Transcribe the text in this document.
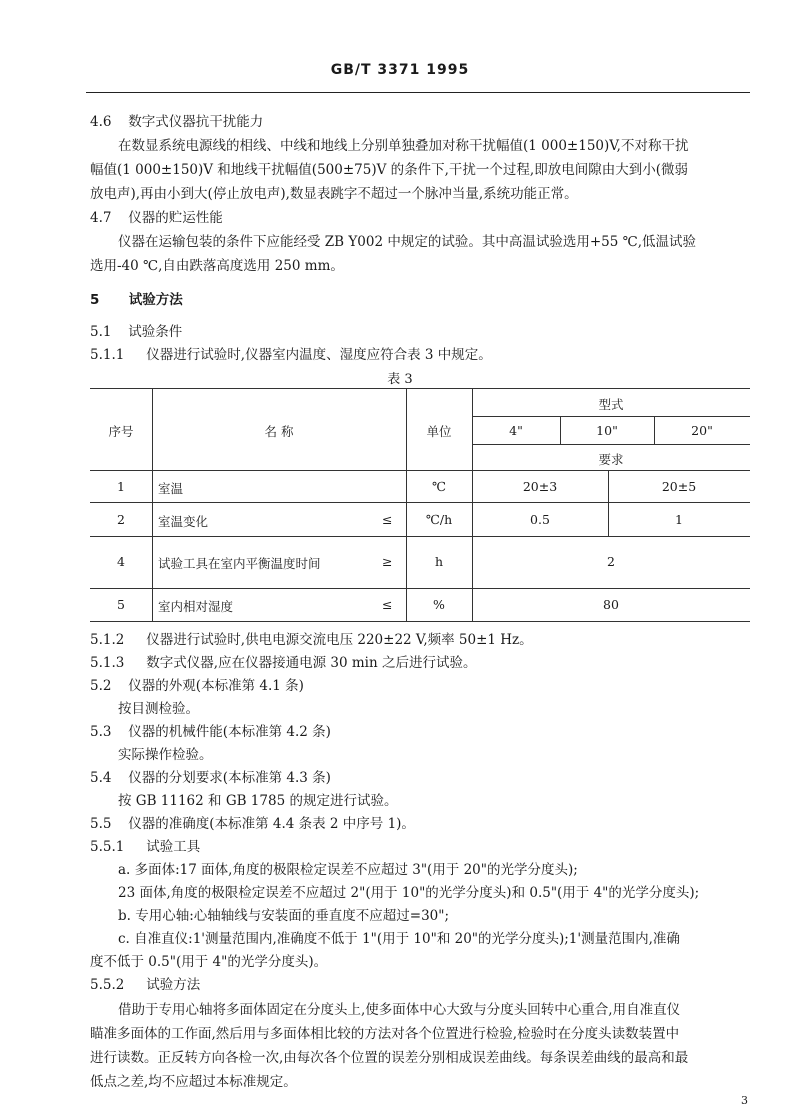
GB/T 3371 1995
4.6 数字式仪器抗干扰能力
在数显系统电源线的相线、中线和地线上分别单独叠加对称干扰幅值(1 000±150)V,不对称干扰
幅值(1 000±150)V 和地线干扰幅值(500±75)V 的条件下,干扰一个过程,即放电间隙由大到小(微弱
放电声),再由小到大(停止放电声),数显表跳字不超过一个脉冲当量,系统功能正常。
4.7 仪器的贮运性能
仪器在运输包装的条件下应能经受 ZB Y002 中规定的试验。其中高温试验选用+55 ℃,低温试验
选用-40 ℃,自由跌落高度选用 250 mm。
5 试验方法
5.1 试验条件
5.1.1 仪器进行试验时,仪器室内温度、湿度应符合表 3 中规定。
表 3
序号	名 称	单位
型式
4"	10"	20"
要求
1	室温	℃	20±3	20±5
2	室温变化	≤	℃/h	0.5	1
4	试验工具在室内平衡温度时间	≥	h	2
5	室内相对湿度	≤	%	80
5.1.2 仪器进行试验时,供电电源交流电压 220±22 V,频率 50±1 Hz。
5.1.3 数字式仪器,应在仪器接通电源 30 min 之后进行试验。
5.2 仪器的外观(本标准第 4.1 条)
按目测检验。
5.3 仪器的机械件能(本标准第 4.2 条)
实际操作检验。
5.4 仪器的分划要求(本标准第 4.3 条)
按 GB 11162 和 GB 1785 的规定进行试验。
5.5 仪器的准确度(本标准第 4.4 条表 2 中序号 1)。
5.5.1 试验工具
a. 多面体:17 面体,角度的极限检定误差不应超过 3"(用于 20"的光学分度头);
23 面体,角度的极限检定误差不应超过 2"(用于 10"的光学分度头)和 0.5"(用于 4"的光学分度头);
b. 专用心轴:心轴轴线与安装面的垂直度不应超过=30";
c. 自准直仪:1'测量范围内,准确度不低于 1"(用于 10"和 20"的光学分度头);1'测量范围内,准确
度不低于 0.5"(用于 4"的光学分度头)。
5.5.2 试验方法
借助于专用心轴将多面体固定在分度头上,使多面体中心大致与分度头回转中心重合,用自准直仪
瞄准多面体的工作面,然后用与多面体相比较的方法对各个位置进行检验,检验时在分度头读数装置中
进行读数。正反转方向各检一次,由每次各个位置的误差分别相成误差曲线。每条误差曲线的最高和最
低点之差,均不应超过本标准规定。
3
